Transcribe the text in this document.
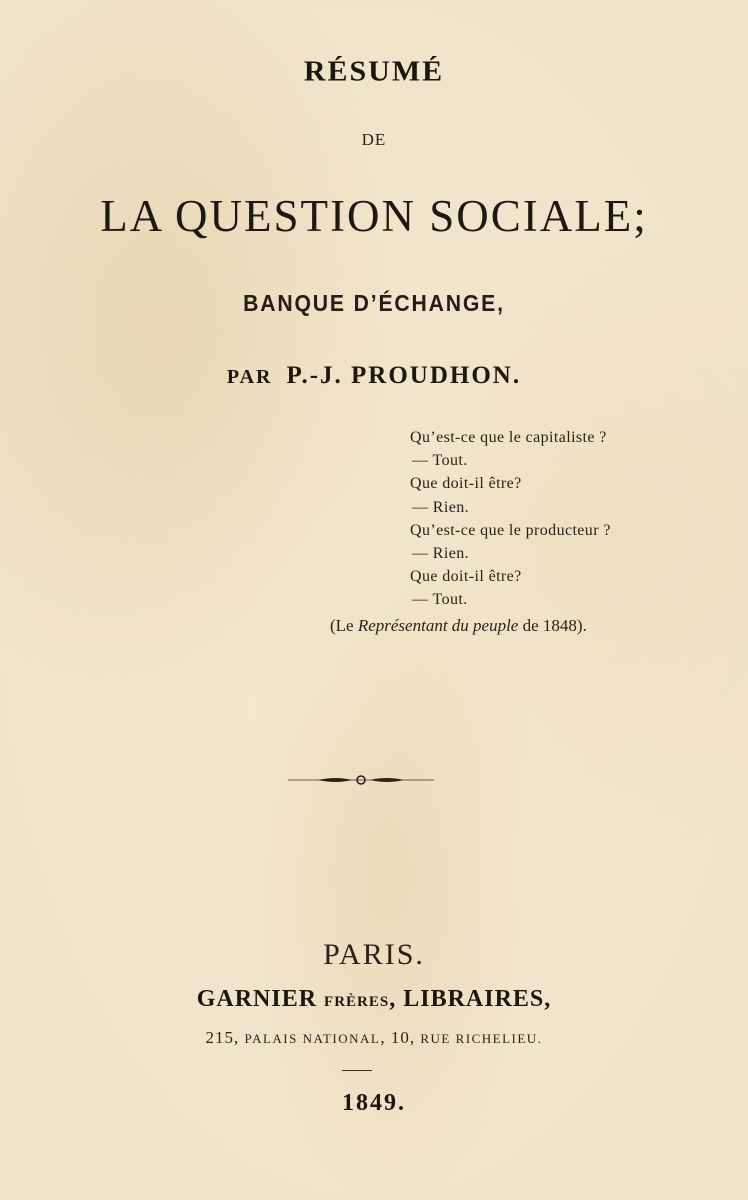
RÉSUMÉ
DE
LA QUESTION SOCIALE;
BANQUE D’ÉCHANGE,
PAR P.-J. PROUDHON.
Qu’est-ce que le capitaliste ?
— Tout.
Que doit-il être?
— Rien.
Qu’est-ce que le producteur ?
— Rien.
Que doit-il être?
— Tout.
(Le Représentant du peuple de 1848).
PARIS.
GARNIER FRÈRES, LIBRAIRES,
215, PALAIS NATIONAL, 10, RUE RICHELIEU.
1849.
